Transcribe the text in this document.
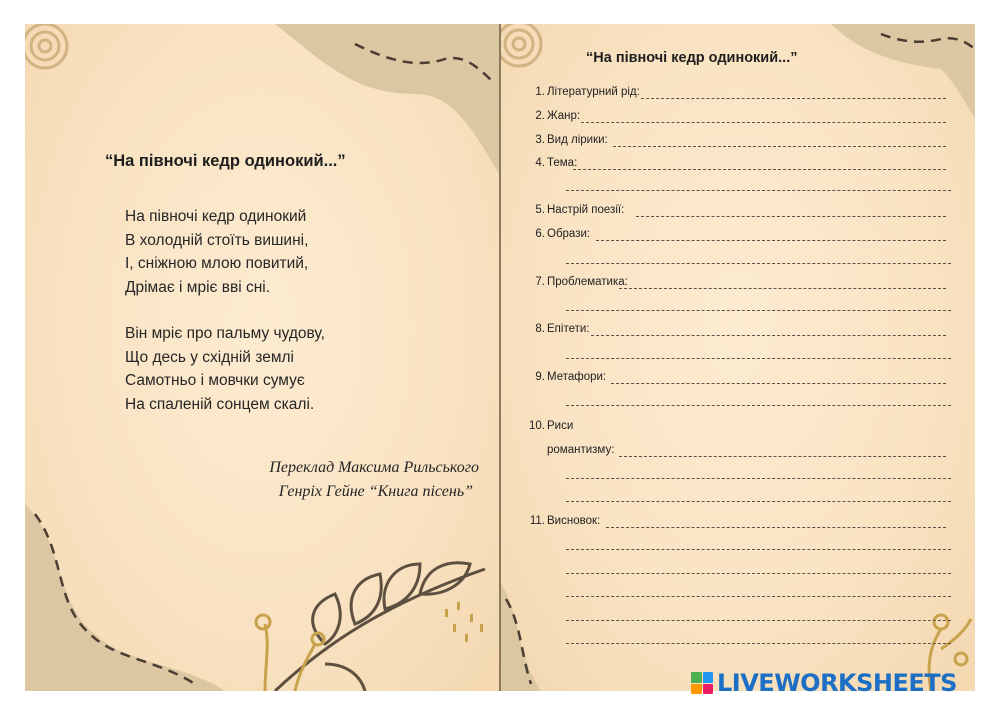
“На півночі кедр одинокий...”
На півночі кедр одинокий
В холодній стоїть вишині,
І, сніжною млою повитий,
Дрімає і мріє вві сні.
Він мріє про пальму чудову,
Що десь у східній землі
Самотньо і мовчки сумує
На спаленій сонцем скалі.
Переклад Максима Рильського
Генріх Гейне “Книга пісень”
“На півночі кедр одинокий...”
1. Літературний рід:
2. Жанр:
3. Вид лірики:
4. Тема:
5. Настрій поезії:
6. Образи:
7. Проблематика:
8. Епітети:
9. Метафори:
10. Риси
романтизму:
11. Висновок:
LIVEWORKSHEETS
